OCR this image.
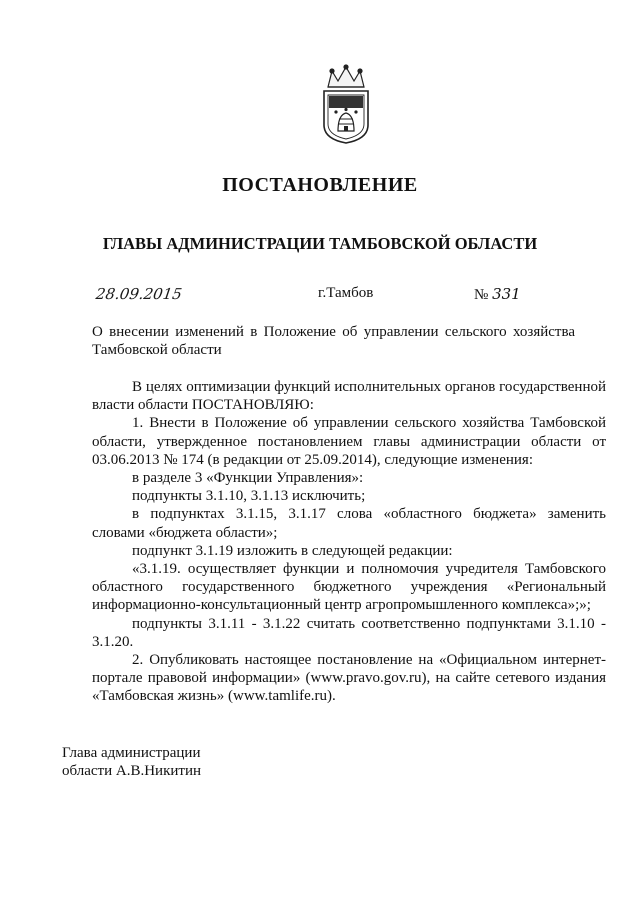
ПОСТАНОВЛЕНИЕ
ГЛАВЫ АДМИНИСТРАЦИИ ТАМБОВСКОЙ ОБЛАСТИ
28.09.2015	г.Тамбов	№ 331
О внесении изменений в Положение об управлении сельского хозяйства Тамбовской области

В целях оптимизации функций исполнительных органов государственной власти области ПОСТАНОВЛЯЮ:

1. Внести в Положение об управлении сельского хозяйства Тамбовской области, утвержденное постановлением главы администрации области от 03.06.2013 № 174 (в редакции от 25.09.2014), следующие изменения:

в разделе 3 «Функции Управления»:

подпункты 3.1.10, 3.1.13 исключить;

в подпунктах 3.1.15, 3.1.17 слова «областного бюджета» заменить словами «бюджета области»;

подпункт 3.1.19 изложить в следующей редакции:

«3.1.19. осуществляет функции и полномочия учредителя Тамбовского областного государственного бюджетного учреждения «Региональный информационно-консультационный центр агропромышленного комплекса»;»;

подпункты 3.1.11 - 3.1.22 считать соответственно подпунктами 3.1.10 - 3.1.20.

2. Опубликовать настоящее постановление на «Официальном интернет-портале правовой информации» (www.pravo.gov.ru), на сайте сетевого издания «Тамбовская жизнь» (www.tamlife.ru).

Глава администрации
области А.В.Никитин
